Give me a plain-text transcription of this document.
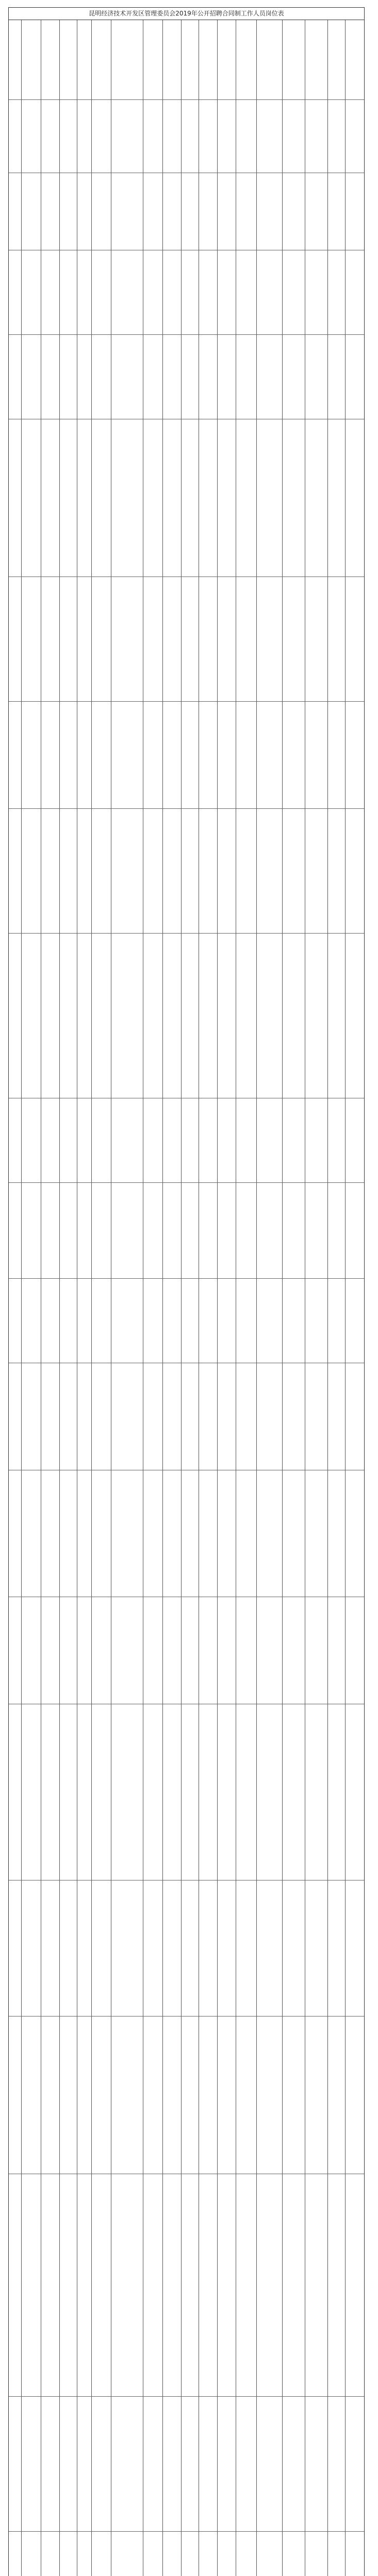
昆明经济技术开发区管理委员会2019年公开招聘合同制工作人员岗位表
